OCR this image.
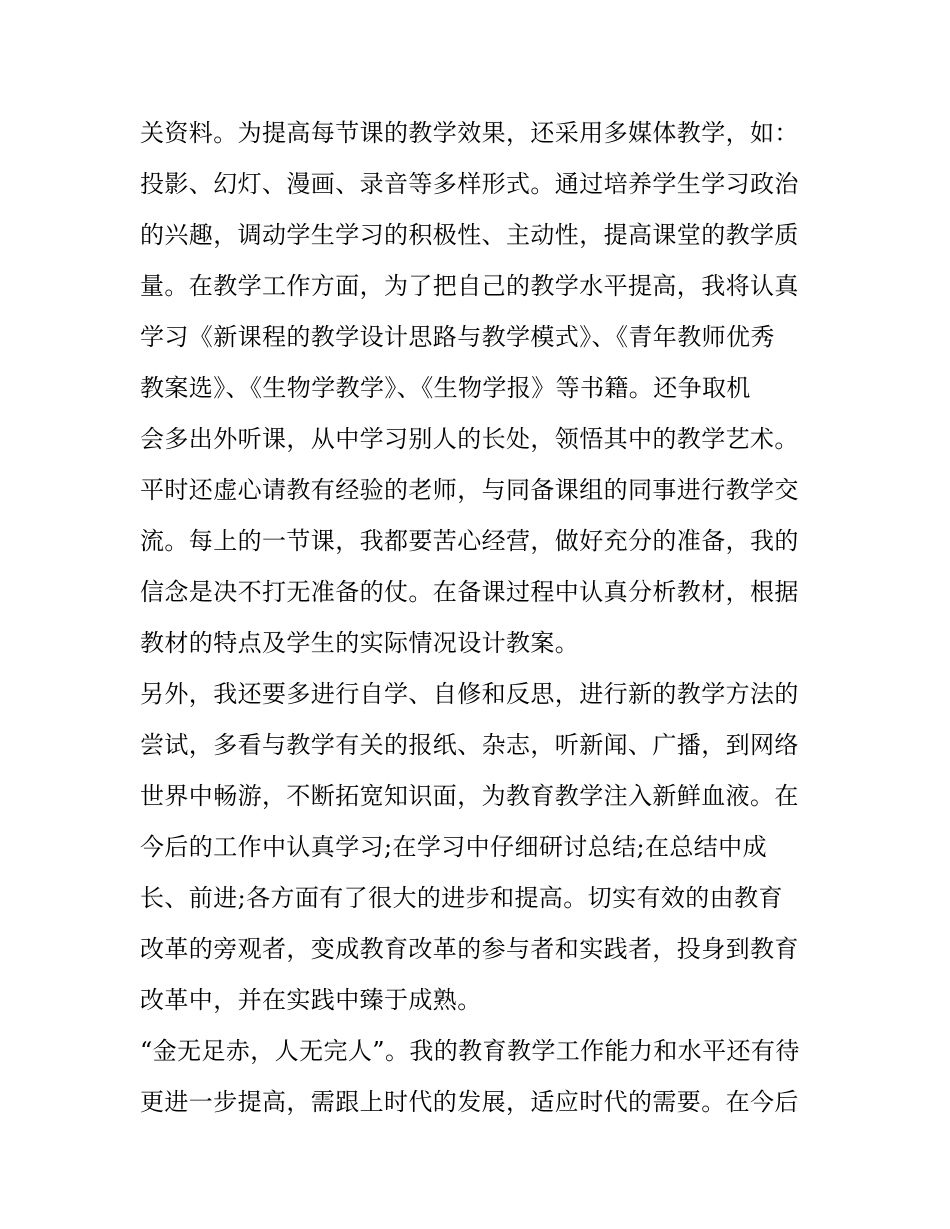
关资料。为提高每节课的教学效果，还采用多媒体教学，如：
投影、幻灯、漫画、录音等多样形式。通过培养学生学习政治
的兴趣，调动学生学习的积极性、主动性，提高课堂的教学质
量。在教学工作方面，为了把自己的教学水平提高，我将认真
学习《新课程的教学设计思路与教学模式》、《青年教师优秀
教案选》、《生物学教学》、《生物学报》等书籍。还争取机
会多出外听课，从中学习别人的长处，领悟其中的教学艺术。
平时还虚心请教有经验的老师，与同备课组的同事进行教学交
流。每上的一节课，我都要苦心经营，做好充分的准备，我的
信念是决不打无准备的仗。在备课过程中认真分析教材，根据
教材的特点及学生的实际情况设计教案。
另外，我还要多进行自学、自修和反思，进行新的教学方法的
尝试，多看与教学有关的报纸、杂志，听新闻、广播，到网络
世界中畅游，不断拓宽知识面，为教育教学注入新鲜血液。在
今后的工作中认真学习;在学习中仔细研讨总结;在总结中成
长、前进;各方面有了很大的进步和提高。切实有效的由教育
改革的旁观者，变成教育改革的参与者和实践者，投身到教育
改革中，并在实践中臻于成熟。
“金无足赤，人无完人”。我的教育教学工作能力和水平还有待
更进一步提高，需跟上时代的发展，适应时代的需要。在今后
